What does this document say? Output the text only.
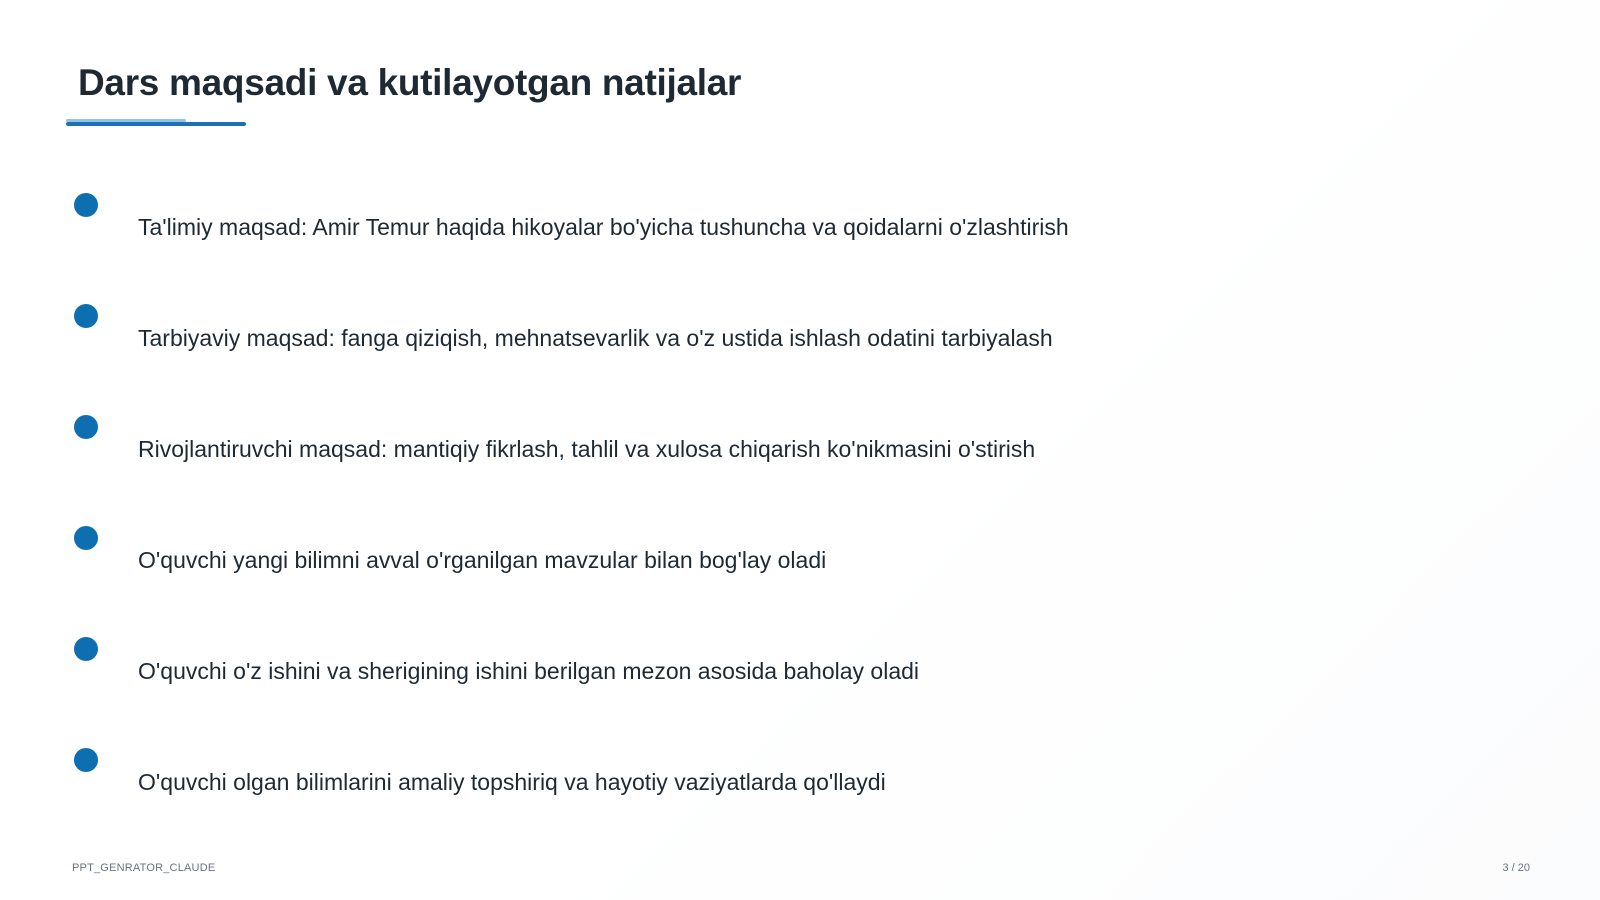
Dars maqsadi va kutilayotgan natijalar
Ta'limiy maqsad: Amir Temur haqida hikoyalar bo'yicha tushuncha va qoidalarni o'zlashtirish
Tarbiyaviy maqsad: fanga qiziqish, mehnatsevarlik va o'z ustida ishlash odatini tarbiyalash
Rivojlantiruvchi maqsad: mantiqiy fikrlash, tahlil va xulosa chiqarish ko'nikmasini o'stirish
O'quvchi yangi bilimni avval o'rganilgan mavzular bilan bog'lay oladi
O'quvchi o'z ishini va sherigining ishini berilgan mezon asosida baholay oladi
O'quvchi olgan bilimlarini amaliy topshiriq va hayotiy vaziyatlarda qo'llaydi
PPT_GENRATOR_CLAUDE	3 / 20
